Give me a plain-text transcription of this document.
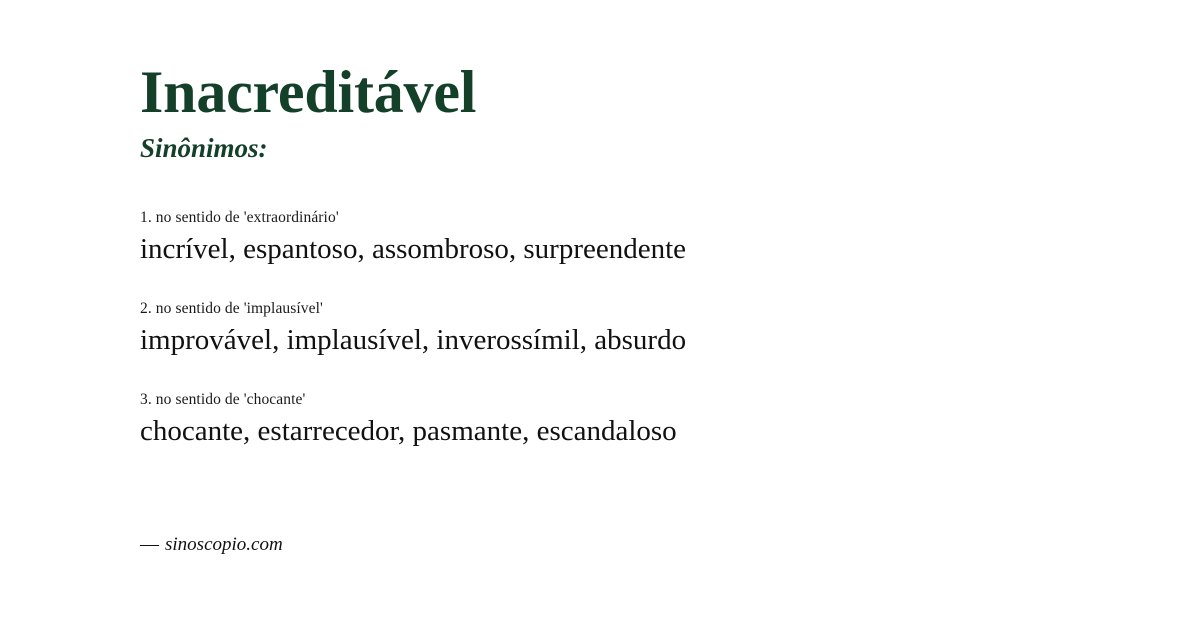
Inacreditável
Sinônimos:

1. no sentido de 'extraordinário'

incrível, espantoso, assombroso, surpreendente

2. no sentido de 'implausível'

improvável, implausível, inverossímil, absurdo

3. no sentido de 'chocante'

chocante, estarrecedor, pasmante, escandaloso

— sinoscopio.com
